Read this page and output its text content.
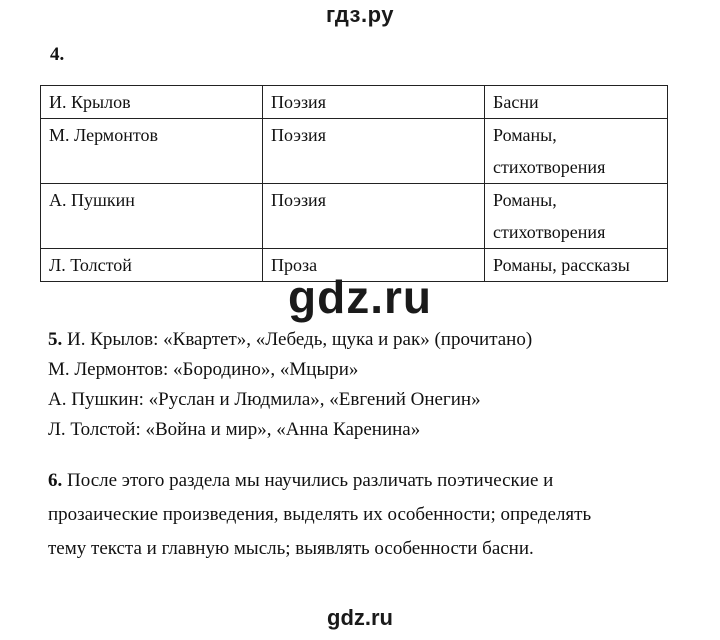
гдз.ру
4.
И. Крылов	Поэзия	Басни

М. Лермонтов	Поэзия	Романы,
стихотворения

А. Пушкин	Поэзия	Романы,
стихотворения

Л. Толстой	Проза	Романы, рассказы
gdz.ru

5. И. Крылов: «Квартет», «Лебедь, щука и рак» (прочитано)

М. Лермонтов: «Бородино», «Мцыри»

А. Пушкин: «Руслан и Людмила», «Евгений Онегин»

Л. Толстой: «Война и мир», «Анна Каренина»

6. После этого раздела мы научились различать поэтические и

прозаические произведения, выделять их особенности; определять

тему текста и главную мысль; выявлять особенности басни.

gdz.ru
